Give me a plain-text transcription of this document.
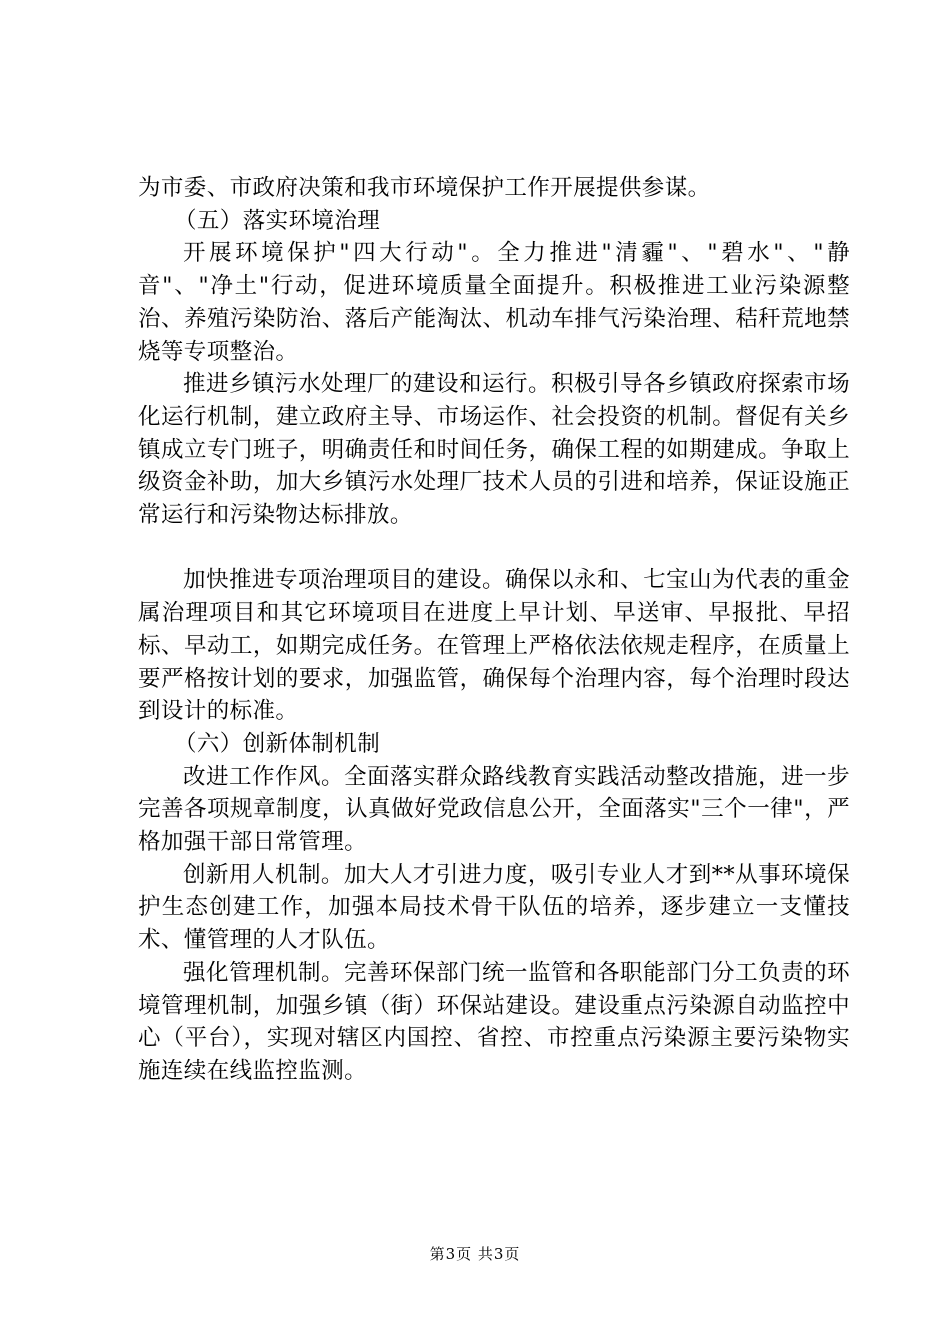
为市委、市政府决策和我市环境保护工作开展提供参谋。

（五）落实环境治理

开展环境保护"四大行动"。全力推进"清霾"、"碧水"、"静音"、"净土"行动，促进环境质量全面提升。积极推进工业污染源整治、养殖污染防治、落后产能淘汰、机动车排气污染治理、秸秆荒地禁烧等专项整治。

推进乡镇污水处理厂的建设和运行。积极引导各乡镇政府探索市场化运行机制，建立政府主导、市场运作、社会投资的机制。督促有关乡镇成立专门班子，明确责任和时间任务，确保工程的如期建成。争取上级资金补助，加大乡镇污水处理厂技术人员的引进和培养，保证设施正常运行和污染物达标排放。

加快推进专项治理项目的建设。确保以永和、七宝山为代表的重金属治理项目和其它环境项目在进度上早计划、早送审、早报批、早招标、早动工，如期完成任务。在管理上严格依法依规走程序，在质量上要严格按计划的要求，加强监管，确保每个治理内容，每个治理时段达到设计的标准。

（六）创新体制机制

改进工作作风。全面落实群众路线教育实践活动整改措施，进一步完善各项规章制度，认真做好党政信息公开，全面落实"三个一律"，严格加强干部日常管理。

创新用人机制。加大人才引进力度，吸引专业人才到**从事环境保护生态创建工作，加强本局技术骨干队伍的培养，逐步建立一支懂技术、懂管理的人才队伍。

强化管理机制。完善环保部门统一监管和各职能部门分工负责的环境管理机制，加强乡镇（街）环保站建设。建设重点污染源自动监控中心（平台），实现对辖区内国控、省控、市控重点污染源主要污染物实施连续在线监控监测。

第3页 共3页
